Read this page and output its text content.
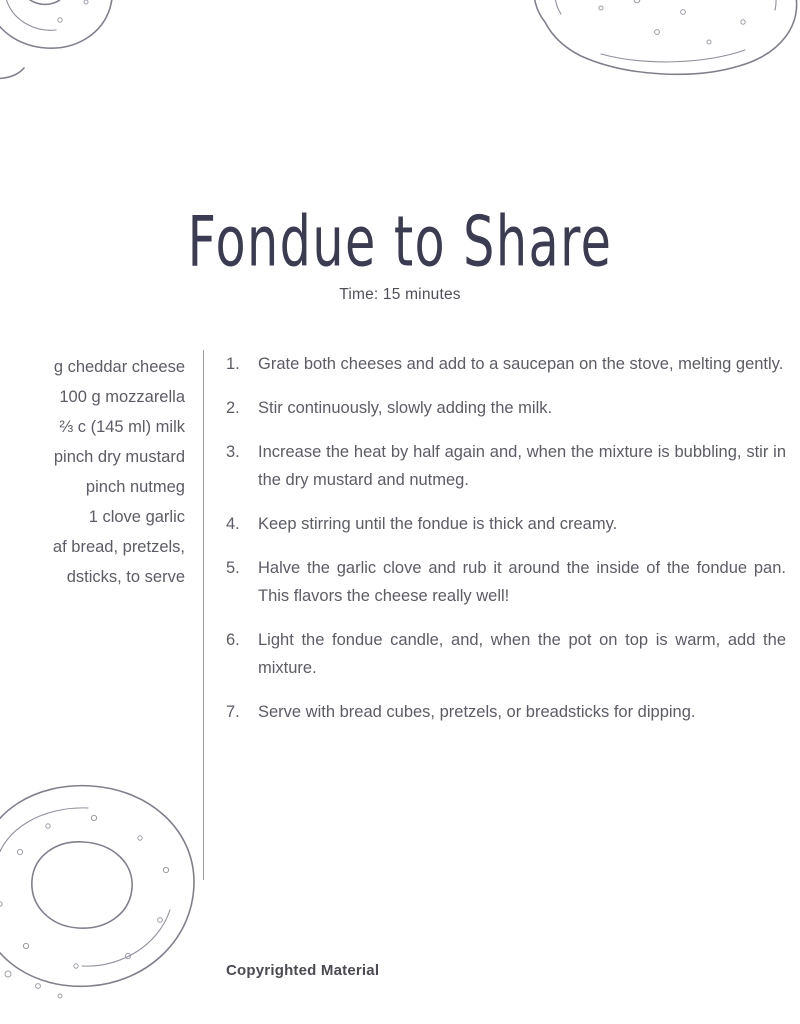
Fondue to Share
Time: 15 minutes
g cheddar cheese
100 g mozzarella
⅔ c (145 ml) milk
pinch dry mustard
pinch nutmeg
1 clove garlic
af bread, pretzels,
dsticks, to serve
1.	Grate both cheeses and add to a saucepan on the stove, melting gently.
2.	Stir continuously, slowly adding the milk.
3.	Increase the heat by half again and, when the mixture is bubbling, stir in the dry mustard and nutmeg.
4.	Keep stirring until the fondue is thick and creamy.
5.	Halve the garlic clove and rub it around the inside of the fondue pan. This flavors the cheese really well!
6.	Light the fondue candle, and, when the pot on top is warm, add the mixture.
7.	Serve with bread cubes, pretzels, or breadsticks for dipping.
Copyrighted Material
